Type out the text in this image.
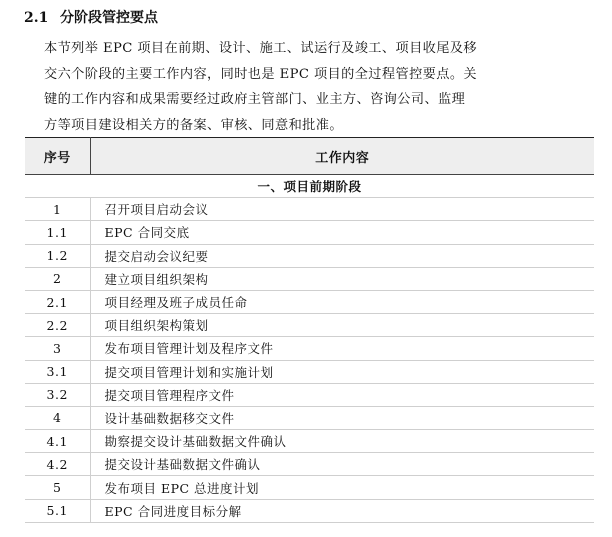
2.1 分阶段管控要点
本节列举 EPC 项目在前期、设计、施工、试运行及竣工、项目收尾及移
交六个阶段的主要工作内容，同时也是 EPC 项目的全过程管控要点。关
键的工作内容和成果需要经过政府主管部门、业主方、咨询公司、监理
方等项目建设相关方的备案、审核、同意和批准。
序号	工作内容
一、项目前期阶段	
1	召开项目启动会议
1.1	EPC 合同交底
1.2	提交启动会议纪要
2	建立项目组织架构
2.1	项目经理及班子成员任命
2.2	项目组织架构策划
3	发布项目管理计划及程序文件
3.1	提交项目管理计划和实施计划
3.2	提交项目管理程序文件
4	设计基础数据移交文件
4.1	勘察提交设计基础数据文件确认
4.2	提交设计基础数据文件确认
5	发布项目 EPC 总进度计划
5.1	EPC 合同进度目标分解
